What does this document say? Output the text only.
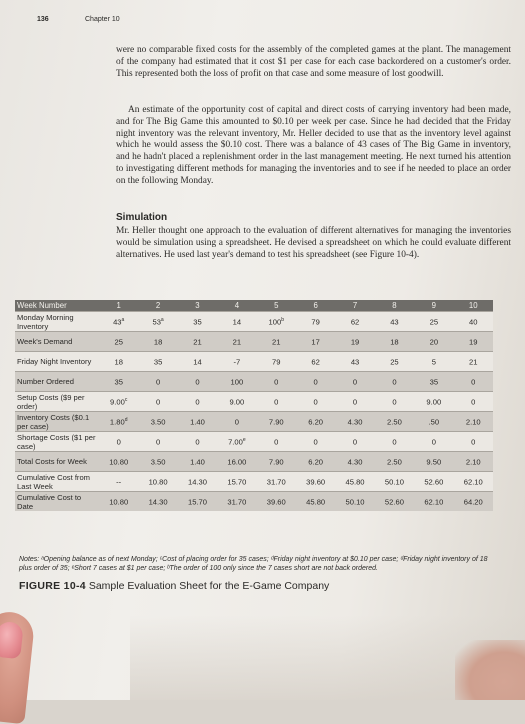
136	Chapter 10
were no comparable fixed costs for the assembly of the completed games at the plant. The management of the company had estimated that it cost $1 per case for each case backordered on a customer's order. This represented both the loss of profit on that case and some measure of lost goodwill.
An estimate of the opportunity cost of capital and direct costs of carrying inventory had been made, and for The Big Game this amounted to $0.10 per week per case. Since he had decided that the Friday night inventory was the relevant inventory, Mr. Heller decided to use that as the inventory level against which he would assess the $0.10 cost. There was a balance of 43 cases of The Big Game in inventory, and he hadn't placed a replenishment order in the last management meeting. He next turned his attention to investigating different methods for managing the inventories and to see if he needed to place an order on the following Monday.
Simulation
Mr. Heller thought one approach to the evaluation of different alternatives for managing the inventories would be simulation using a spreadsheet. He devised a spreadsheet on which he could evaluate different alternatives. He used last year's demand to test his spreadsheet (see Figure 10-4).
Week Number	1	2	3	4	5	6	7	8	9	10
Monday Morning Inventory	43$^a$	53$^a$	35	14	100$^b$	79	62	43	25	40
Week's Demand	25	18	21	21	21	17	19	18	20	19
Friday Night Inventory	18	35	14	-7	79	62	43	25	5	21
Number Ordered	35	0	0	100	0	0	0	0	35	0
Setup Costs ($9 per order)	9.00$^c$	0	0	9.00	0	0	0	0	9.00	0
Inventory Costs ($0.1 per case)	1.80$^d$	3.50	1.40	0	7.90	6.20	4.30	2.50	.50	2.10
Shortage Costs ($1 per case)	0	0	0	7.00e	0	0	0	0	0	0
Total Costs for Week	10.80	3.50	1.40	16.00	7.90	6.20	4.30	2.50	9.50	2.10
Cumulative Cost from Last Week	--	10.80	14.30	15.70	31.70	39.60	45.80	50.10	52.60	62.10
Cumulative Cost to Date	10.80	14.30	15.70	31.70	39.60	45.80	50.10	52.60	62.10	64.20
Notes: ᵃOpening balance as of next Monday; ᶜCost of placing order for 35 cases; ᵈFriday night inventory at $0.10 per case; ᵈFriday night inventory of 18 plus order of 35; ᵉShort 7 cases at $1 per case; ᵇThe order of 100 only since the 7 cases short are not back ordered.
FIGURE 10-4 Sample Evaluation Sheet for the E-Game Company
